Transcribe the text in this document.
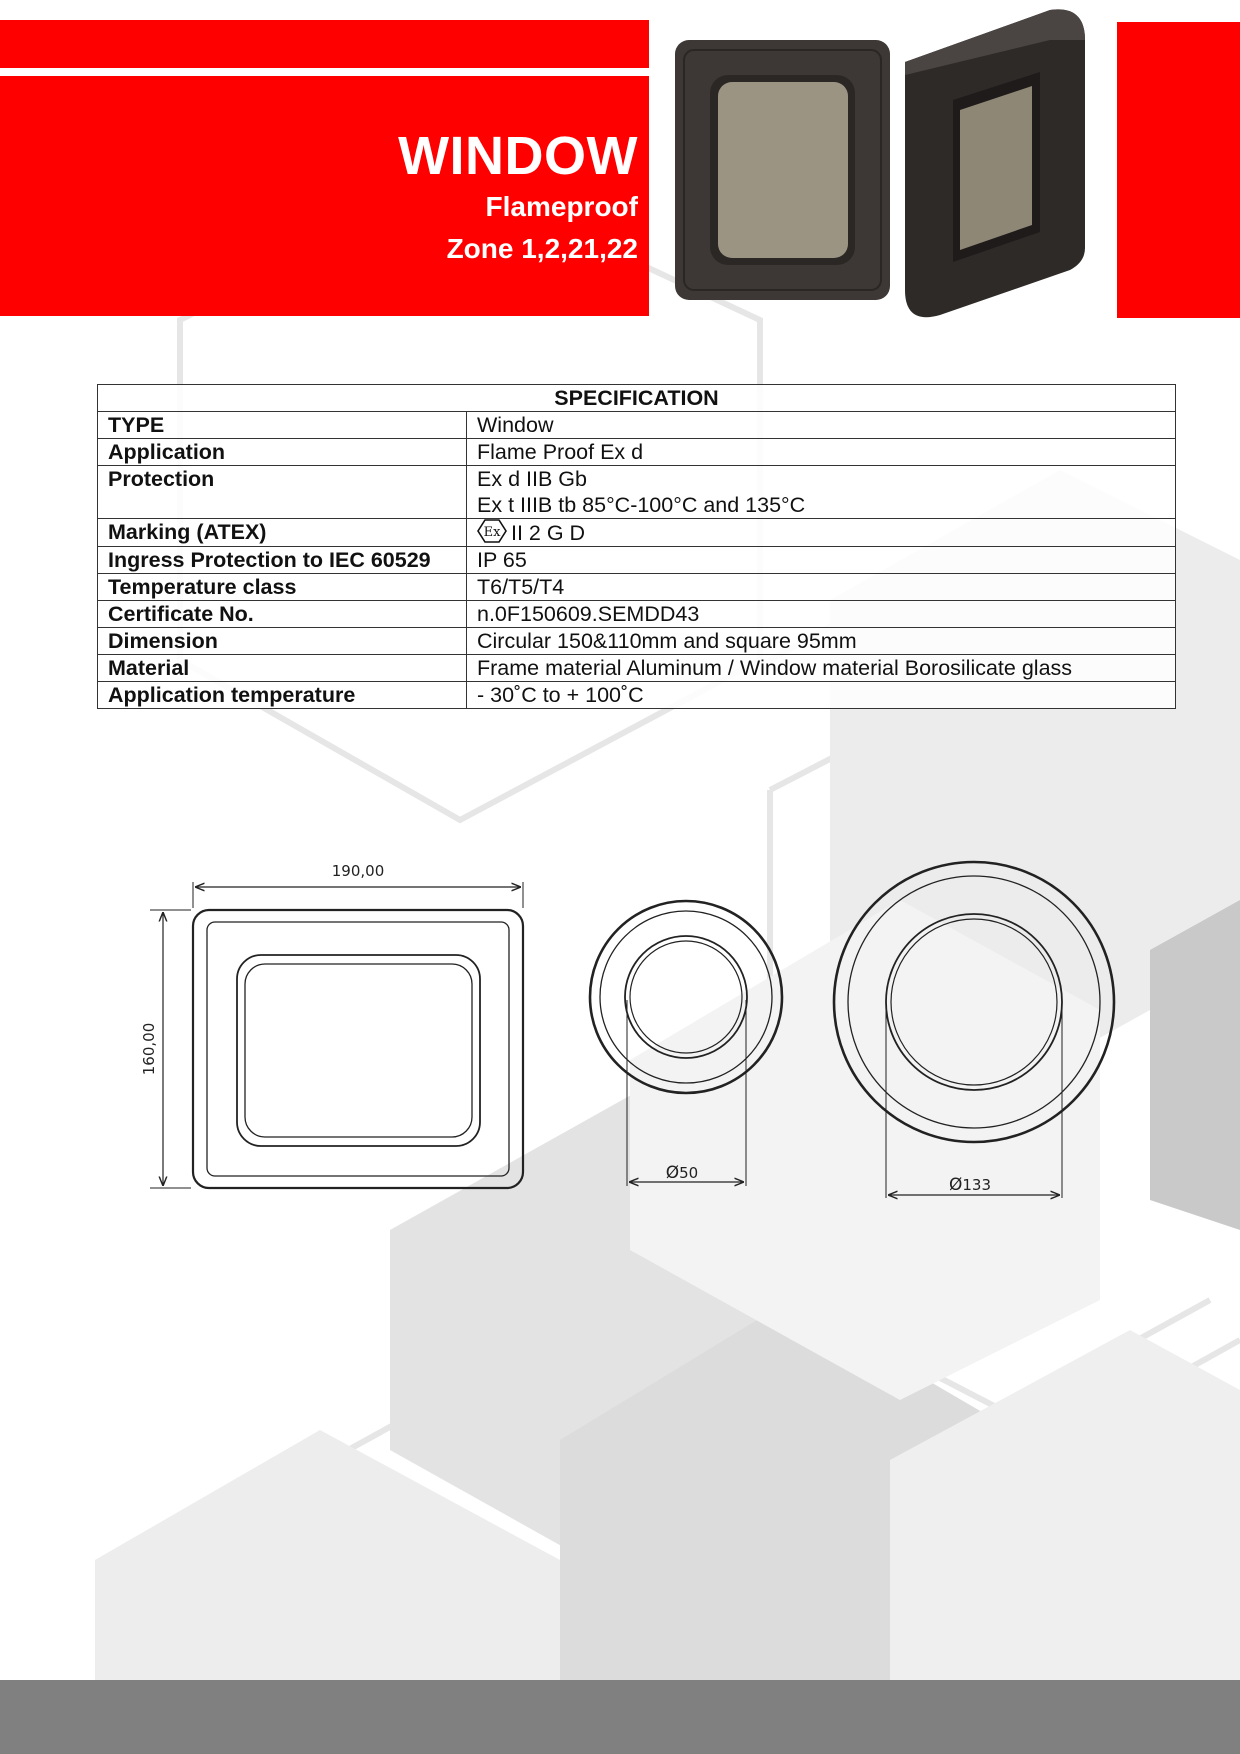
WINDOW
Flameproof
Zone 1,2,21,22
SPECIFICATION	
TYPE	Window
Application	Flame Proof Ex d
Protection	Ex d IIB Gb
Ex t IIIB tb 85°C-100°C and 135°C

Marking (ATEX)	Ex II 2 G D
Ingress Protection to IEC 60529	IP 65
Temperature class	T6/T5/T4
Certificate No.	n.0F150609.SEMDD43
Dimension	Circular 150&110mm and square 95mm
Material	Frame material Aluminum / Window material Borosilicate glass
Application temperature	- 30˚C to + 100˚C
190,00
160,00
Ø50
Ø133
